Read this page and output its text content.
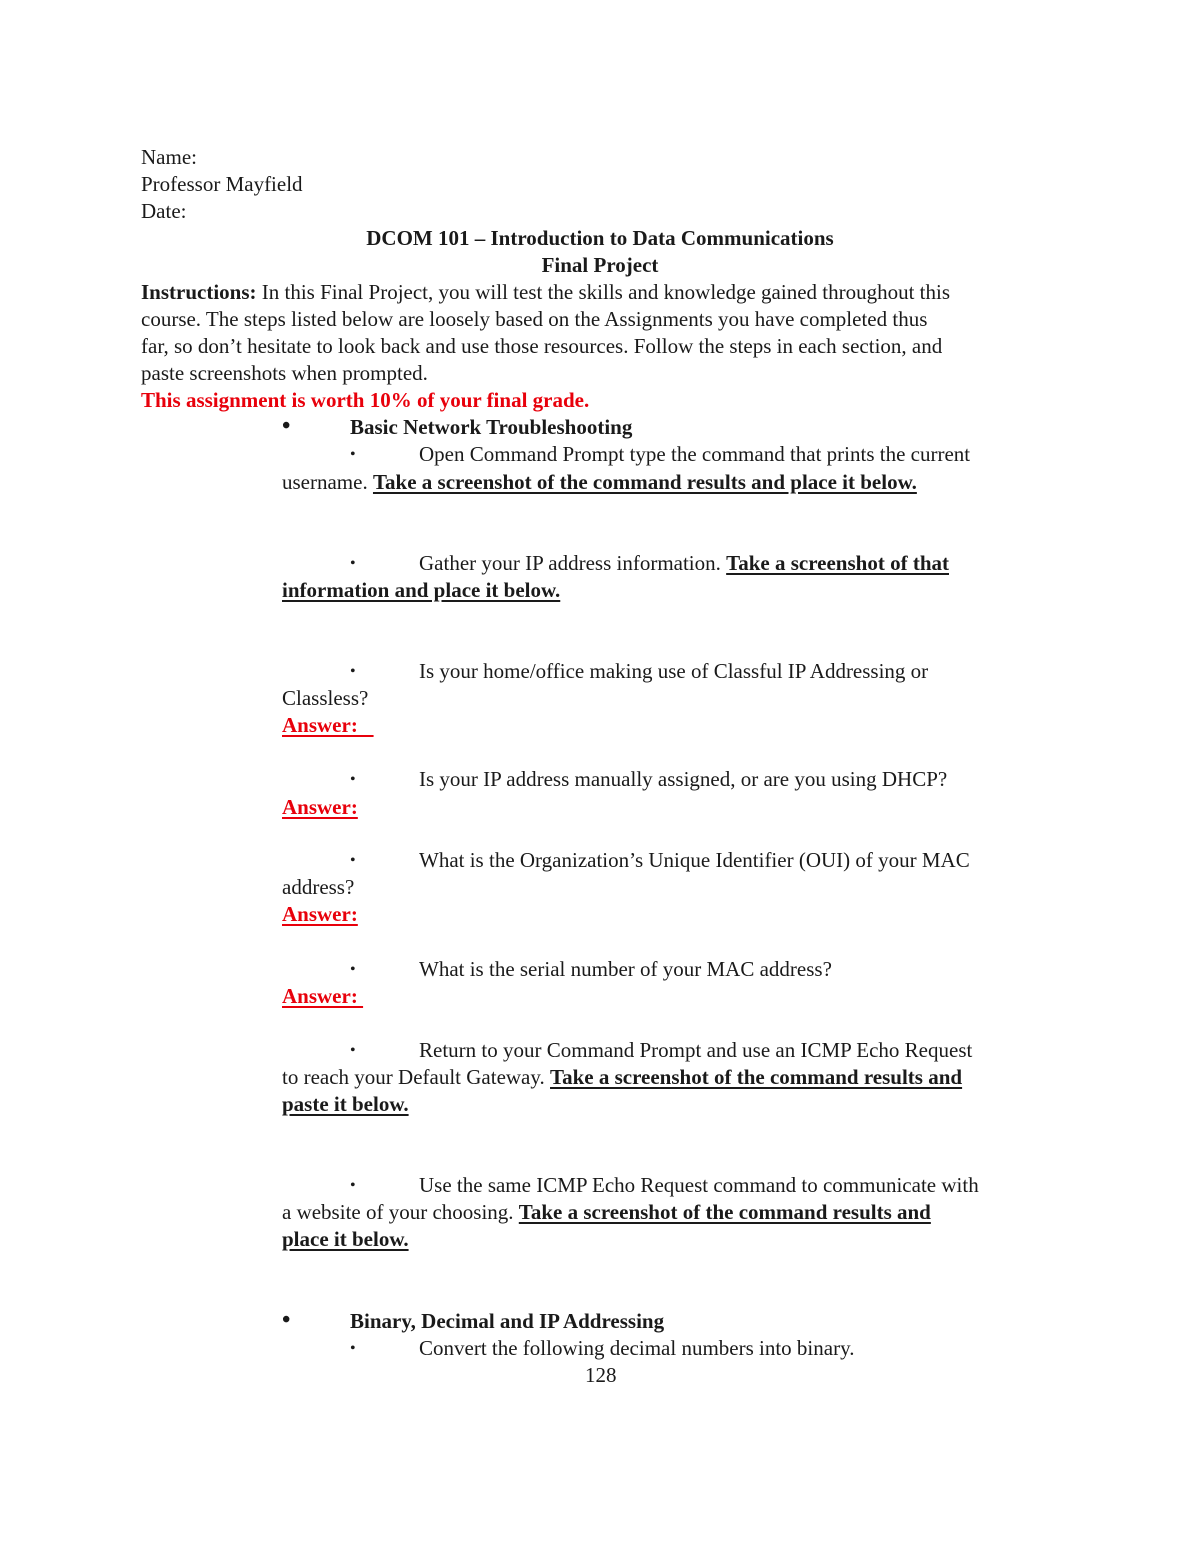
Name:
Professor Mayfield
Date:
DCOM 101 – Introduction to Data Communications
Final Project
Instructions: In this Final Project, you will test the skills and knowledge gained throughout this
course. The steps listed below are loosely based on the Assignments you have completed thus
far, so don’t hesitate to look back and use those resources. Follow the steps in each section, and
paste screenshots when prompted.
This assignment is worth 10% of your final grade.
•	Basic Network Troubleshooting
•	Open Command Prompt type the command that prints the current
username. Take a screenshot of the command results and place it below.
•	Gather your IP address information. Take a screenshot of that
information and place it below.
•	Is your home/office making use of Classful IP Addressing or
Classless?
Answer:
•	Is your IP address manually assigned, or are you using DHCP?
Answer:
•	What is the Organization’s Unique Identifier (OUI) of your MAC
address?
Answer:
•	What is the serial number of your MAC address?
Answer:
•	Return to your Command Prompt and use an ICMP Echo Request
to reach your Default Gateway. Take a screenshot of the command results and
paste it below.
•	Use the same ICMP Echo Request command to communicate with
a website of your choosing. Take a screenshot of the command results and
place it below.
•	Binary, Decimal and IP Addressing
•	Convert the following decimal numbers into binary.
128
